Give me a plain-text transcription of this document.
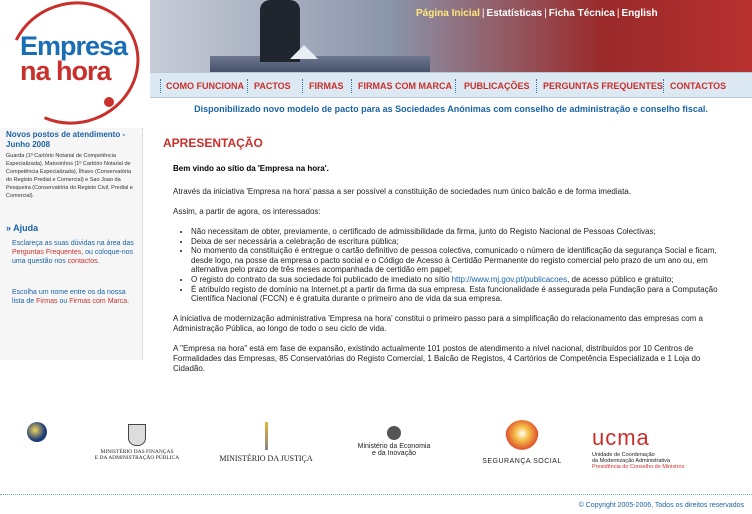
Empresa
na hora
Página Inicial | Estatísticas | Ficha Técnica | English
COMO FUNCIONA PACTOS FIRMAS FIRMAS COM MARCA PUBLICAÇÕES PERGUNTAS FREQUENTES CONTACTOS
Disponibilizado novo modelo de pacto para as Sociedades Anónimas com conselho de administração e conselho fiscal.
Novos postos de atendimento - Junho 2008
Guarda (1º Cartório Notarial de Competência Especializada), Matosinhos (1º Cartório Notarial de Competência Especializada), Ílhavo (Conservatória do Registo Predial e Comercial) e Sao Joao da Pesqueira (Conservatória do Registo Civil, Predial e Comercial).
» Ajuda
Esclareça as suas dúvidas na área das Perguntas Frequentes, ou coloque-nos uma questão nos contactos.
Escolha um nome entre os da nossa lista de Firmas ou Firmas com Marca.
APRESENTAÇÃO
Bem vindo ao sítio da 'Empresa na hora'.
Através da iniciativa 'Empresa na hora' passa a ser possível a constituição de sociedades num único balcão e de forma imediata.
Assim, a partir de agora, os interessados:
• Não necessitam de obter, previamente, o certificado de admissibilidade da firma, junto do Registo Nacional de Pessoas Colectivas;
• Deixa de ser necessária a celebração de escritura pública;
• No momento da constituição é entregue o cartão definitivo de pessoa colectiva, comunicado o número de identificação da segurança Social e ficam, desde logo, na posse da empresa o pacto social e o Código de Acesso à Certidão Permanente do registo comercial pelo prazo de um ano ou, em alternativa pelo prazo de três meses acompanhada de certidão em papel;
• O registo do contrato da sua sociedade foi publicado de imediato no sítio http://www.mj.gov.pt/publicacoes, de acesso público e gratuito;
• É atribuído registo de domínio na Internet.pt a partir da firma da sua empresa. Esta funcionalidade é assegurada pela Fundação para a Computação Científica Nacional (FCCN) e é gratuita durante o primeiro ano de vida da sua empresa.
A iniciativa de modernização administrativa 'Empresa na hora' constitui o primeiro passo para a simplificação do relacionamento das empresas com a Administração Pública, ao longo de todo o seu ciclo de vida.
A "Empresa na hora" está em fase de expansão, existindo actualmente 101 postos de atendimento a nível nacional, distribuídos por 10 Centros de Formalidades das Empresas, 85 Conservatórias do Registo Comercial, 1 Balcão de Registos, 4 Cartórios de Competência Especializada e 1 Loja do Cidadão.
MINISTÉRIO DAS FINANÇAS
E DA ADMINISTRAÇÃO PÚBLICA	MINISTÉRIO DA JUSTIÇA
Ministério da Economia
e da Inovação
SEGURANÇA SOCIAL
ucma
Unidade de Coordenação
da Modernização Administrativa
Presidência do Conselho de Ministros
© Copyright 2005-2006, Todos os direitos reservados
